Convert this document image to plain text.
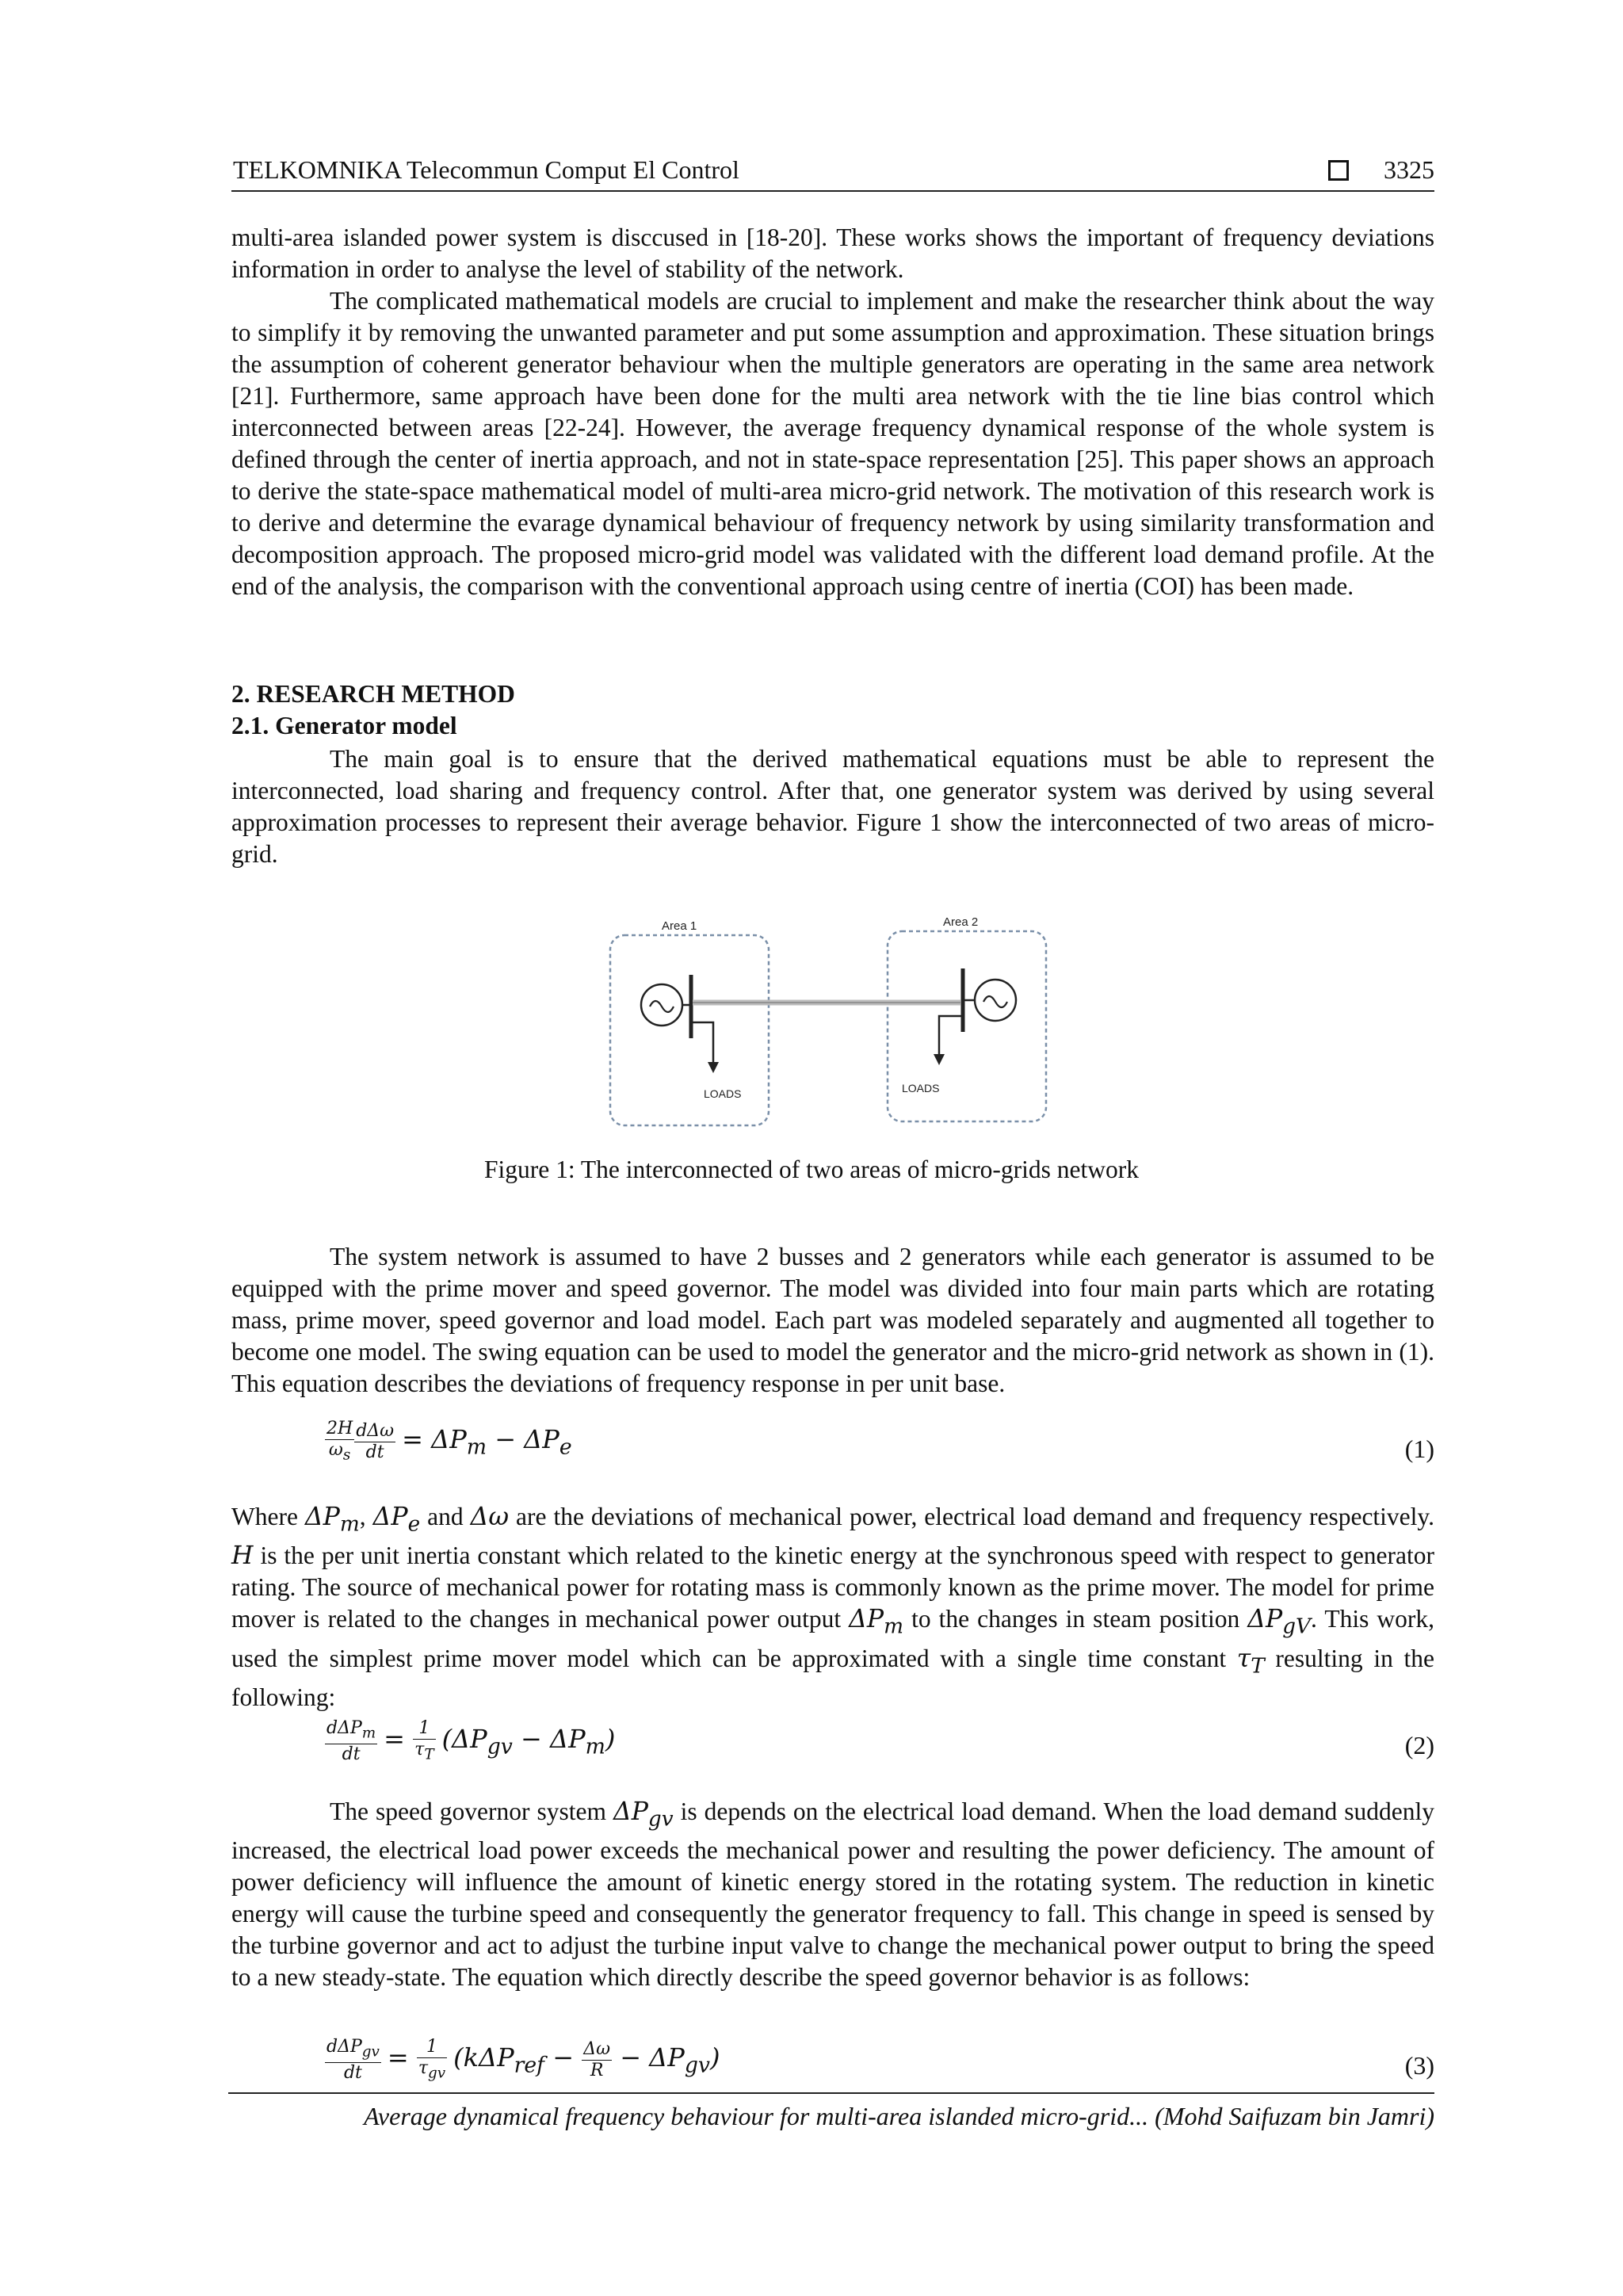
TELKOMNIKA Telecommun Comput El Control	3325
multi-area islanded power system is disccused in [18-20]. These works shows the important of frequency deviations information in order to analyse the level of stability of the network.
The complicated mathematical models are crucial to implement and make the researcher think about the way to simplify it by removing the unwanted parameter and put some assumption and approximation. These situation brings the assumption of coherent generator behaviour when the multiple generators are operating in the same area network [21]. Furthermore, same approach have been done for the multi area network with the tie line bias control which interconnected between areas [22-24]. However, the average frequency dynamical response of the whole system is defined through the center of inertia approach, and not in state-space representation [25]. This paper shows an approach to derive the state-space mathematical model of multi-area micro-grid network. The motivation of this research work is to derive and determine the evarage dynamical behaviour of frequency network by using similarity transformation and decomposition approach. The proposed micro-grid model was validated with the different load demand profile. At the end of the analysis, the comparison with the conventional approach using centre of inertia (COI) has been made.
2. RESEARCH METHOD
2.1. Generator model
The main goal is to ensure that the derived mathematical equations must be able to represent the interconnected, load sharing and frequency control. After that, one generator system was derived by using several approximation processes to represent their average behavior. Figure 1 show the interconnected of two areas of micro-grid.
Area 1	Area 2
LOADS	LOADS
Figure 1: The interconnected of two areas of micro-grids network
The system network is assumed to have 2 busses and 2 generators while each generator is assumed to be equipped with the prime mover and speed governor. The model was divided into four main parts which are rotating mass, prime mover, speed governor and load model. Each part was modeled separately and augmented all together to become one model. The swing equation can be used to model the generator and the micro-grid network as shown in (1). This equation describes the deviations of frequency response in per unit base.
$\frac{2H}{\omega_s} \frac{\text{dΔω}}{dt} = \Delta P_m - \Delta P_e$	(1)
Where $\Delta P_m$, $\Delta P_e$ and Δω are the deviations of mechanical power, electrical load demand and frequency respectively. H is the per unit inertia constant which related to the kinetic energy at the synchronous speed with respect to generator rating. The source of mechanical power for rotating mass is commonly known as the prime mover. The model for prime mover is related to the changes in mechanical power output $\Delta P_m$ to the changes in steam position $\Delta P_{gV}$. This work, used the simplest prime mover model which can be approximated with a single time constant $\tau_T$ resulting in the following:
$\frac{d\Delta P_m}{dt} = \frac{1}{\tau_T} (\Delta P_{gv} - \Delta P_m)$	(2)
The speed governor system $\Delta P_{gv}$ is depends on the electrical load demand. When the load demand suddenly increased, the electrical load power exceeds the mechanical power and resulting the power deficiency. The amount of power deficiency will influence the amount of kinetic energy stored in the rotating system. The reduction in kinetic energy will cause the turbine speed and consequently the generator frequency to fall. This change in speed is sensed by the turbine governor and act to adjust the turbine input valve to change the mechanical power output to bring the speed to a new steady-state. The equation which directly describe the speed governor behavior is as follows:
$\frac{d\Delta P_{gv}}{dt} = \frac{1}{\tau_{gv}} (k\Delta P_{ref} - \frac{\Delta\omega}{R} - \Delta P_{gv})$	(3)
Average dynamical frequency behaviour for multi-area islanded micro-grid... (Mohd Saifuzam bin Jamri)
